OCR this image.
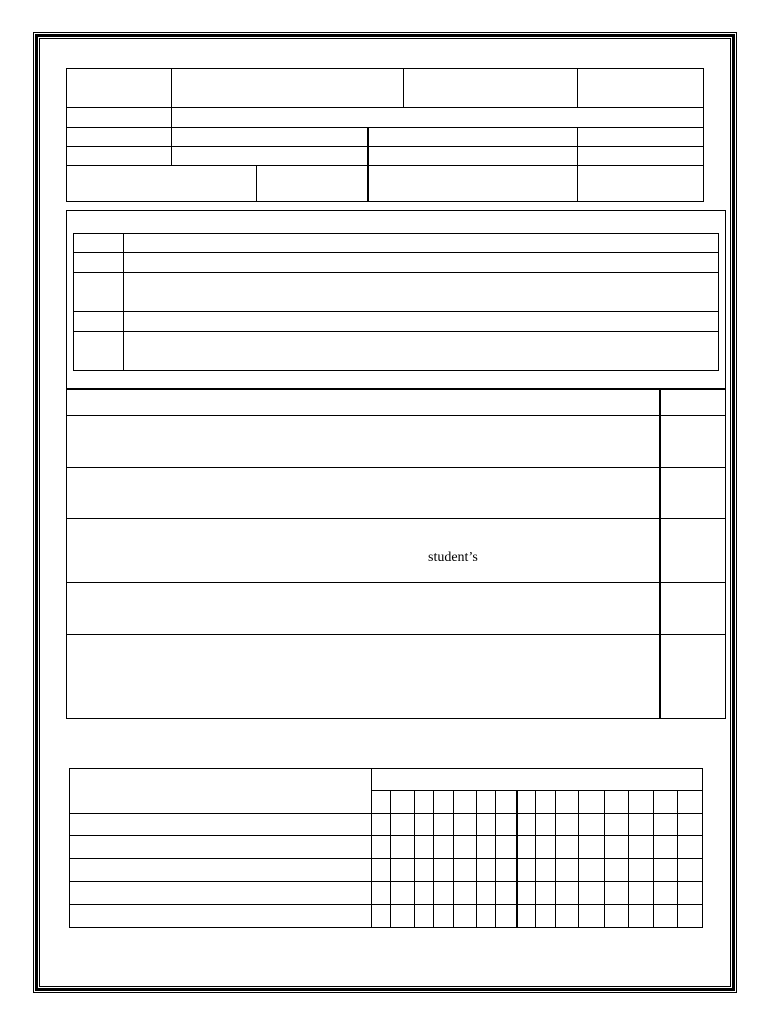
student’s
